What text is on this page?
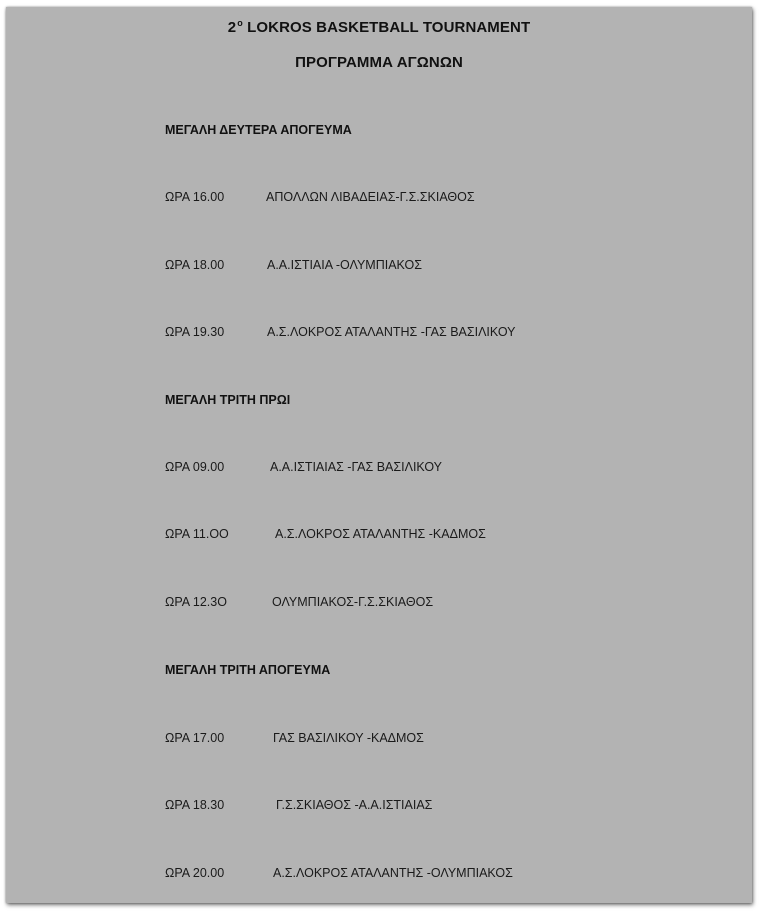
2$^o$ LOKROS BASKETBALL TOURNAMENT
ΠΡΟΓΡΑΜΜΑ ΑΓΩΝΩΝ
ΜΕΓΑΛΗ ΔΕΥΤΕΡΑ ΑΠΟΓΕΥΜΑ
ΩΡΑ 16.00	ΑΠΟΛΛΩΝ ΛΙΒΑΔΕΙΑΣ-Γ.Σ.ΣΚΙΑΘΟΣ
ΩΡΑ 18.00	Α.Α.ΙΣΤΙΑΙΑ -ΟΛΥΜΠΙΑΚΟΣ
ΩΡΑ 19.30	Α.Σ.ΛΟΚΡΟΣ ΑΤΑΛΑΝΤΗΣ -ΓΑΣ ΒΑΣΙΛΙΚΟΥ
ΜΕΓΑΛΗ ΤΡΙΤΗ ΠΡΩΙ
ΩΡΑ 09.00	Α.Α.ΙΣΤΙΑΙΑΣ -ΓΑΣ ΒΑΣΙΛΙΚΟΥ
ΩΡΑ 11.ΟΟ	Α.Σ.ΛΟΚΡΟΣ ΑΤΑΛΑΝΤΗΣ -ΚΑΔΜΟΣ
ΩΡΑ 12.3Ο	ΟΛΥΜΠΙΑΚΟΣ-Γ.Σ.ΣΚΙΑΘΟΣ
ΜΕΓΑΛΗ ΤΡΙΤΗ ΑΠΟΓΕΥΜΑ
ΩΡΑ 17.00	ΓΑΣ ΒΑΣΙΛΙΚΟΥ -ΚΑΔΜΟΣ
ΩΡΑ 18.30	Γ.Σ.ΣΚΙΑΘΟΣ -Α.Α.ΙΣΤΙΑΙΑΣ
ΩΡΑ 20.00	Α.Σ.ΛΟΚΡΟΣ ΑΤΑΛΑΝΤΗΣ -ΟΛΥΜΠΙΑΚΟΣ
